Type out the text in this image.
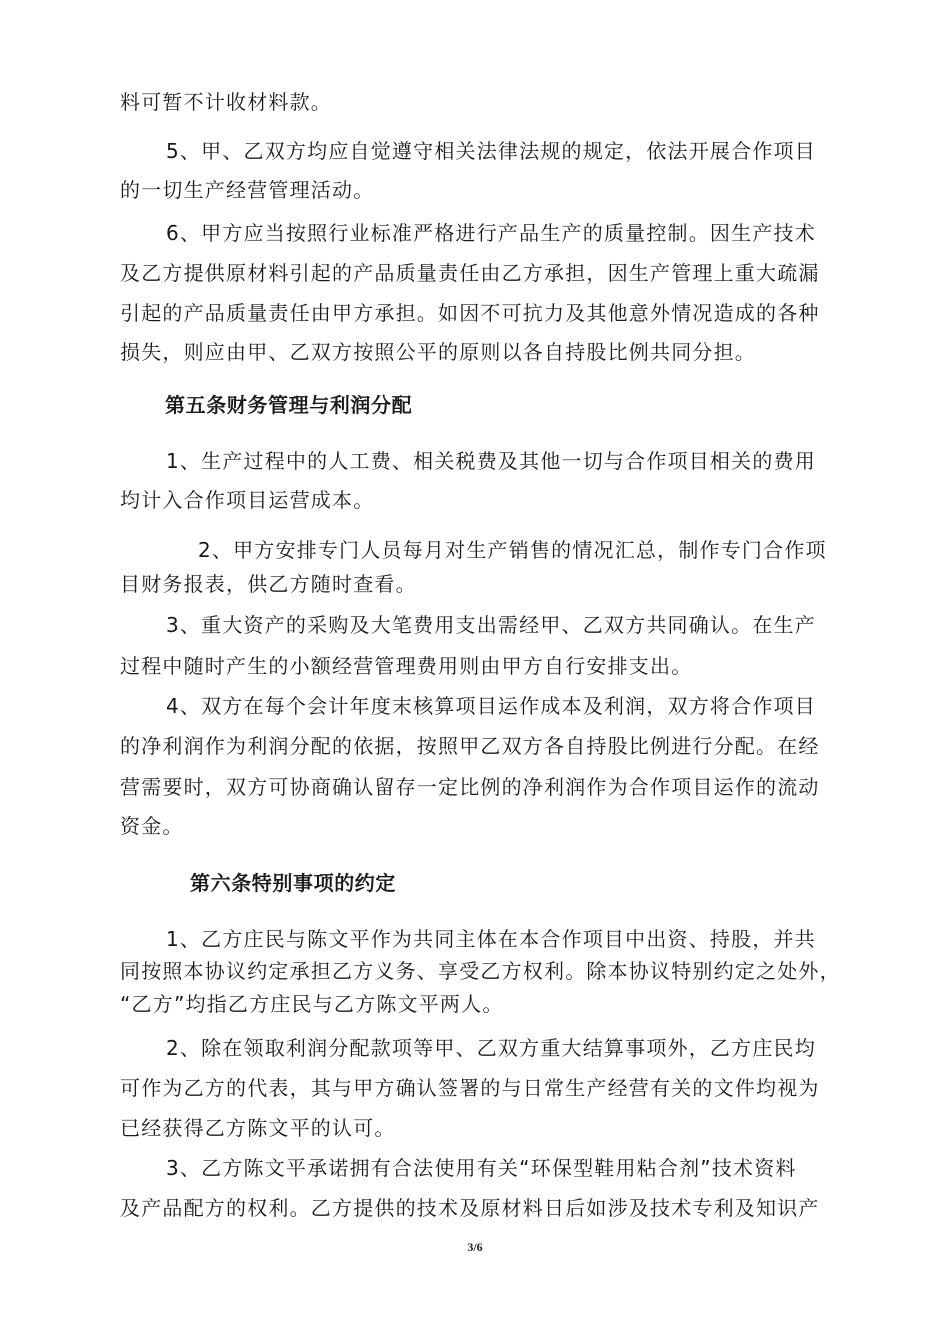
料可暂不计收材料款。
5、甲、乙双方均应自觉遵守相关法律法规的规定，依法开展合作项目
的一切生产经营管理活动。
6、甲方应当按照行业标准严格进行产品生产的质量控制。因生产技术
及乙方提供原材料引起的产品质量责任由乙方承担，因生产管理上重大疏漏
引起的产品质量责任由甲方承担。如因不可抗力及其他意外情况造成的各种
损失，则应由甲、乙双方按照公平的原则以各自持股比例共同分担。
第五条财务管理与利润分配
1、生产过程中的人工费、相关税费及其他一切与合作项目相关的费用
均计入合作项目运营成本。
2、甲方安排专门人员每月对生产销售的情况汇总，制作专门合作项
目财务报表，供乙方随时查看。
3、重大资产的采购及大笔费用支出需经甲、乙双方共同确认。在生产
过程中随时产生的小额经营管理费用则由甲方自行安排支出。
4、双方在每个会计年度末核算项目运作成本及利润，双方将合作项目
的净利润作为利润分配的依据，按照甲乙双方各自持股比例进行分配。在经
营需要时，双方可协商确认留存一定比例的净利润作为合作项目运作的流动
资金。
第六条特别事项的约定
1、乙方庄民与陈文平作为共同主体在本合作项目中出资、持股，并共
同按照本协议约定承担乙方义务、享受乙方权利。除本协议特别约定之处外，
“乙方”均指乙方庄民与乙方陈文平两人。
2、除在领取利润分配款项等甲、乙双方重大结算事项外，乙方庄民均
可作为乙方的代表，其与甲方确认签署的与日常生产经营有关的文件均视为
已经获得乙方陈文平的认可。
3、乙方陈文平承诺拥有合法使用有关“环保型鞋用粘合剂”技术资料
及产品配方的权利。乙方提供的技术及原材料日后如涉及技术专利及知识产
3/6
